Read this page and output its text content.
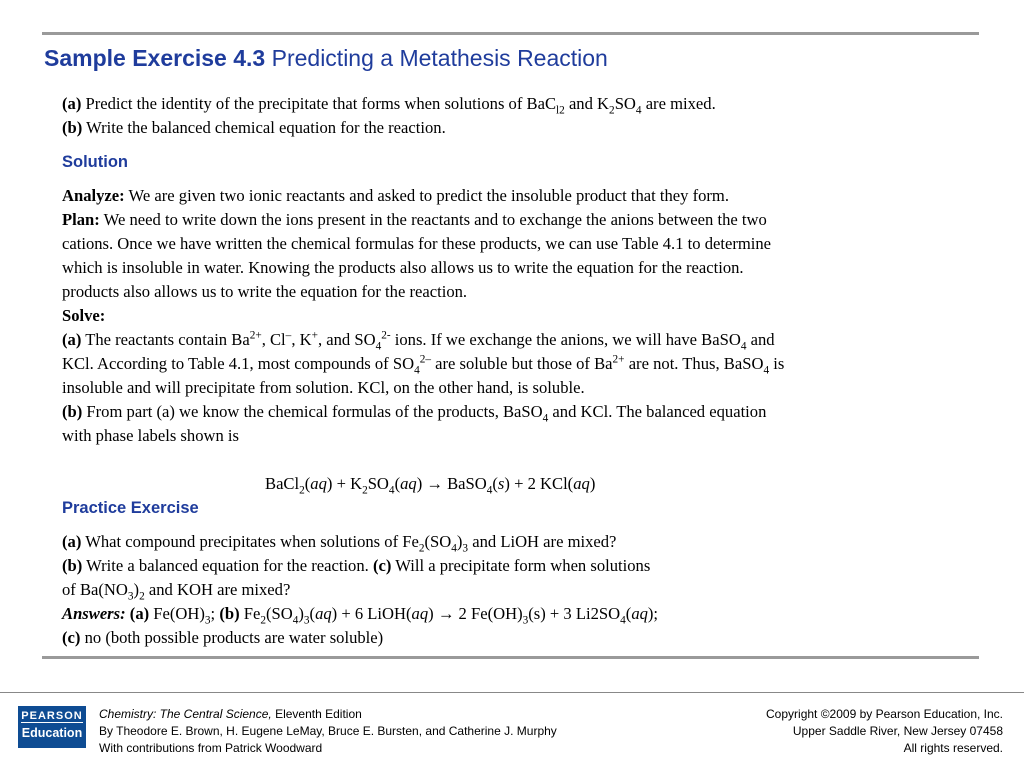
Sample Exercise 4.3 Predicting a Metathesis Reaction
(a) Predict the identity of the precipitate that forms when solutions of BaC$_{l2}$ and $K_2SO_4$ are mixed.
(b) Write the balanced chemical equation for the reaction.
Solution
Analyze: We are given two ionic reactants and asked to predict the insoluble product that they form.
Plan: We need to write down the ions present in the reactants and to exchange the anions between the two
cations. Once we have written the chemical formulas for these products, we can use Table 4.1 to determine
which is insoluble in water. Knowing the products also allows us to write the equation for the reaction.
products also allows us to write the equation for the reaction.
Solve:
(a) The reactants contain $Ba^{2+}$, Cl–, K+, and $SO_4^{2-}$ ions. If we exchange the anions, we will have BaSO$_4$ and
KCl. According to Table 4.1, most compounds of $SO_4^{2-}$ are soluble but those of $Ba^{2+}$ are not. Thus, BaSO$_4$ is
insoluble and will precipitate from solution. KCl, on the other hand, is soluble.
(b) From part (a) we know the chemical formulas of the products, BaSO$_4$ and KCl. The balanced equation
with phase labels shown is
BaCl$_2$(aq) + $K_2SO_4(aq)$ → BaSO$_4$(s) + 2 KCl(aq)
Practice Exercise
(a) What compound precipitates when solutions of $Fe_2(SO_4)_3$ and LiOH are mixed?
(b) Write a balanced equation for the reaction. (c) Will a precipitate form when solutions
of $Ba(NO_3)_2$ and KOH are mixed?
Answers: (a) $Fe(OH)_3$; (b) $Fe_2(SO_4)_3(aq) + 6$ LiOH(aq) → 2 $Fe(OH)_3(s) + 3$ $Li2SO_4(aq)$;
(c) no (both possible products are water soluble)
PEARSON
Education
Chemistry: The Central Science, Eleventh Edition
By Theodore E. Brown, H. Eugene LeMay, Bruce E. Bursten, and Catherine J. Murphy
With contributions from Patrick Woodward
Copyright ©2009 by Pearson Education, Inc.
Upper Saddle River, New Jersey 07458
All rights reserved.
